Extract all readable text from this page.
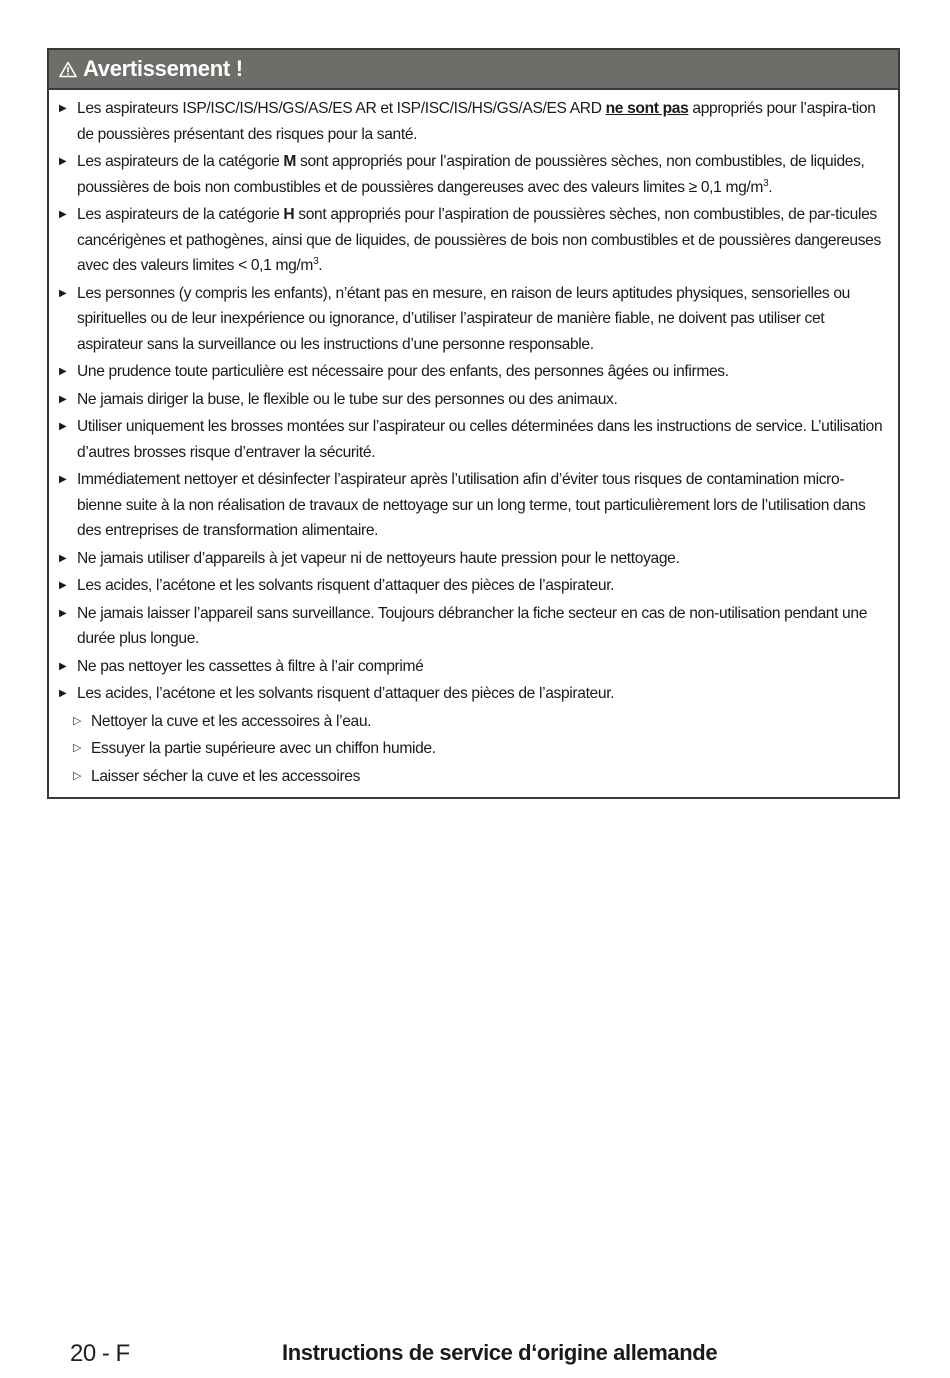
Avertissement !
▶ Les aspirateurs ISP/ISC/IS/HS/GS/AS/ES AR et ISP/ISC/IS/HS/GS/AS/ES ARD ne sont pas appropriés pour l’aspira-tion de poussières présentant des risques pour la santé.
▶ Les aspirateurs de la catégorie M sont appropriés pour l’aspiration de poussières sèches, non combustibles, de liquides, poussières de bois non combustibles et de poussières dangereuses avec des valeurs limites ≥ 0,1 $mg/m^3$.
▶ Les aspirateurs de la catégorie H sont appropriés pour l’aspiration de poussières sèches, non combustibles, de par-ticules cancérigènes et pathogènes, ainsi que de liquides, de poussières de bois non combustibles et de poussières dangereuses avec des valeurs limites < 0,1 $mg/m^3$.
▶ Les personnes (y compris les enfants), n’étant pas en mesure, en raison de leurs aptitudes physiques, sensorielles ou spirituelles ou de leur inexpérience ou ignorance, d’utiliser l’aspirateur de manière fiable, ne doivent pas utiliser cet aspirateur sans la surveillance ou les instructions d’une personne responsable.
▶ Une prudence toute particulière est nécessaire pour des enfants, des personnes âgées ou infirmes.
▶ Ne jamais diriger la buse, le flexible ou le tube sur des personnes ou des animaux.
▶ Utiliser uniquement les brosses montées sur l’aspirateur ou celles déterminées dans les instructions de service. L’utilisation d’autres brosses risque d’entraver la sécurité.
▶ Immédiatement nettoyer et désinfecter l’aspirateur après l’utilisation afin d’éviter tous risques de contamination micro-bienne suite à la non réalisation de travaux de nettoyage sur un long terme, tout particulièrement lors de l’utilisation dans des entreprises de transformation alimentaire.
▶ Ne jamais utiliser d’appareils à jet vapeur ni de nettoyeurs haute pression pour le nettoyage.
▶ Les acides, l’acétone et les solvants risquent d’attaquer des pièces de l’aspirateur.
▶ Ne jamais laisser l’appareil sans surveillance. Toujours débrancher la fiche secteur en cas de non-utilisation pendant une durée plus longue.
▶ Ne pas nettoyer les cassettes à filtre à l’air comprimé
▶ Les acides, l’acétone et les solvants risquent d’attaquer des pièces de l’aspirateur.
▷ Nettoyer la cuve et les accessoires à l’eau.
▷ Essuyer la partie supérieure avec un chiffon humide.
▷ Laisser sécher la cuve et les accessoires
20 - F	Instructions de service d‘origine allemande
